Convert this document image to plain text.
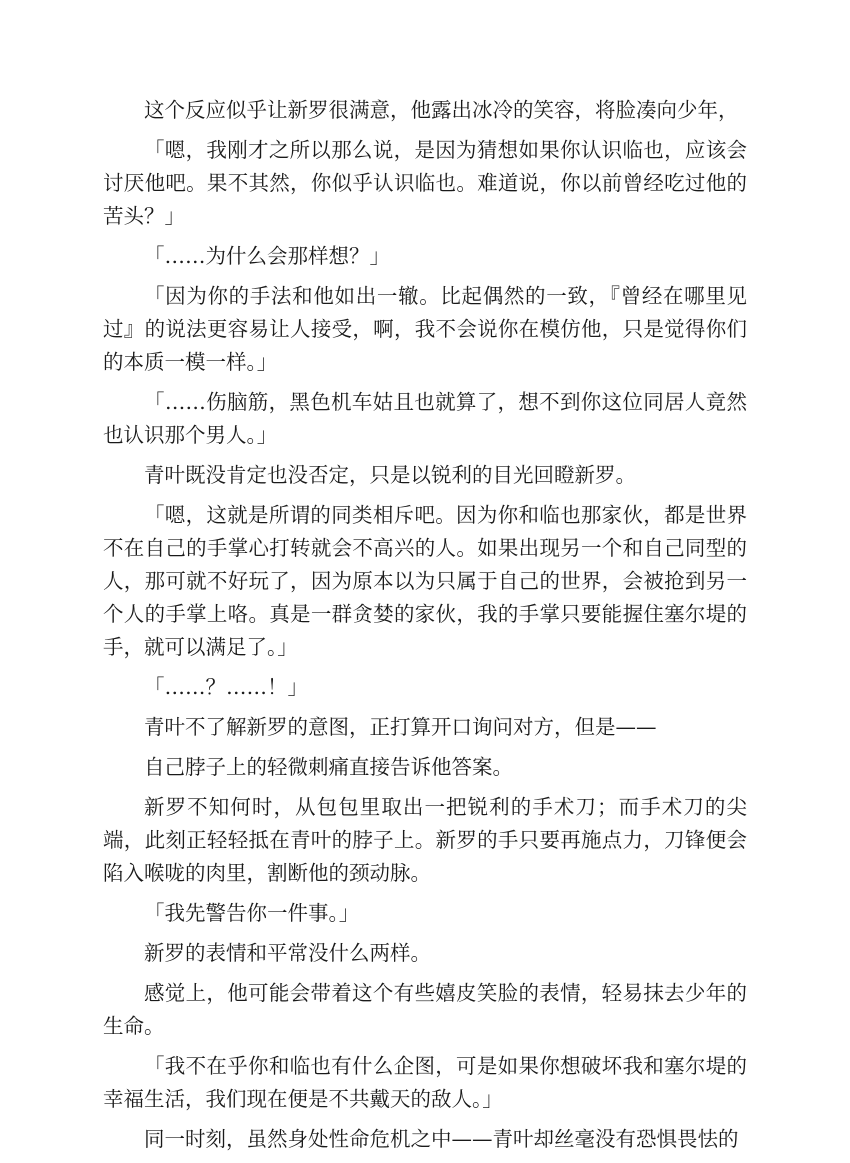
这个反应似乎让新罗很满意，他露出冰冷的笑容，将脸凑向少年，

「嗯，我刚才之所以那么说，是因为猜想如果你认识临也，应该会讨厌他吧。果不其然，你似乎认识临也。难道说，你以前曾经吃过他的苦头？」

「……为什么会那样想？」

「因为你的手法和他如出一辙。比起偶然的一致，『曾经在哪里见过』的说法更容易让人接受，啊，我不会说你在模仿他，只是觉得你们的本质一模一样。」

「……伤脑筋，黑色机车姑且也就算了，想不到你这位同居人竟然也认识那个男人。」

青叶既没肯定也没否定，只是以锐利的目光回瞪新罗。

「嗯，这就是所谓的同类相斥吧。因为你和临也那家伙，都是世界不在自己的手掌心打转就会不高兴的人。如果出现另一个和自己同型的人，那可就不好玩了，因为原本以为只属于自己的世界，会被抢到另一个人的手掌上咯。真是一群贪婪的家伙，我的手掌只要能握住塞尔堤的手，就可以满足了。」

「……？……！」

青叶不了解新罗的意图，正打算开口询问对方，但是——

自己脖子上的轻微刺痛直接告诉他答案。

新罗不知何时，从包包里取出一把锐利的手术刀；而手术刀的尖端，此刻正轻轻抵在青叶的脖子上。新罗的手只要再施点力，刀锋便会陷入喉咙的肉里，割断他的颈动脉。

「我先警告你一件事。」

新罗的表情和平常没什么两样。

感觉上，他可能会带着这个有些嬉皮笑脸的表情，轻易抹去少年的生命。

「我不在乎你和临也有什么企图，可是如果你想破坏我和塞尔堤的幸福生活，我们现在便是不共戴天的敌人。」

同一时刻，虽然身处性命危机之中——青叶却丝毫没有恐惧畏怯的
